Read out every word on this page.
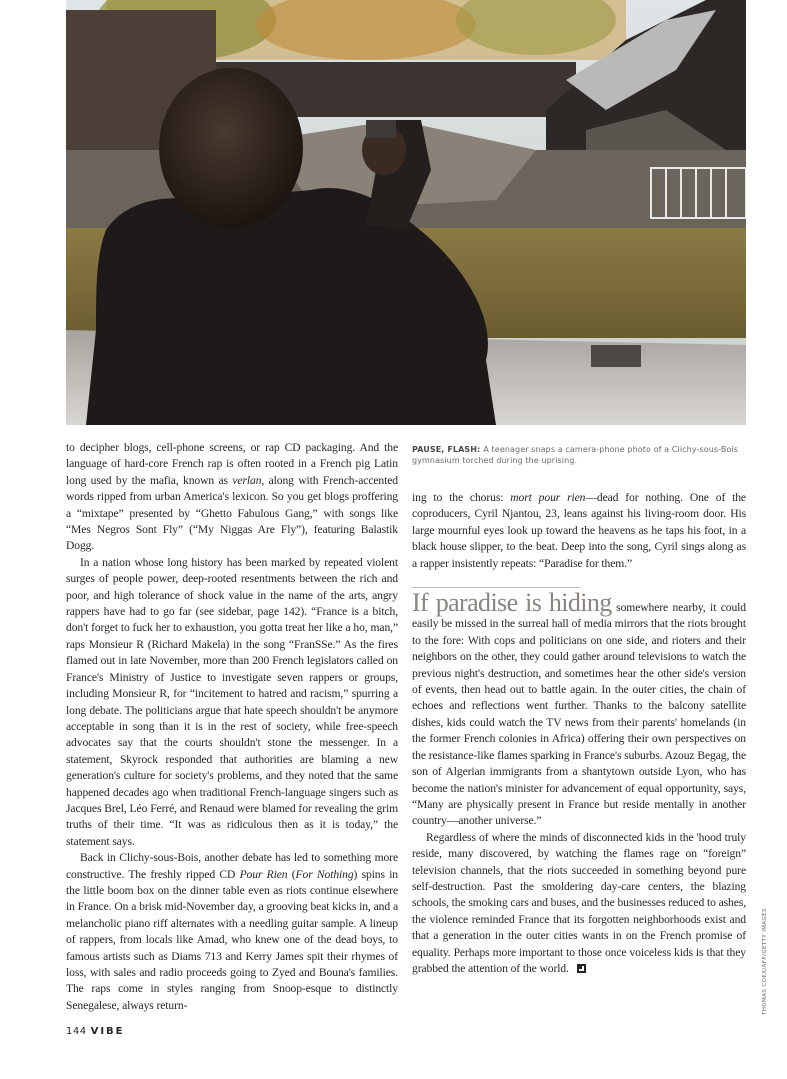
to decipher blogs, cell-phone screens, or rap CD packaging. And the language of hard-core French rap is often rooted in a French pig Latin long used by the mafia, known as verlan, along with French-accented words ripped from urban America's lexicon. So you get blogs proffering a “mixtape” presented by “Ghetto Fabulous Gang,” with songs like “Mes Negros Sont Fly” (“My Niggas Are Fly”), featuring Balastik Dogg.

In a nation whose long history has been marked by repeated violent surges of people power, deep-rooted resentments between the rich and poor, and high tolerance of shock value in the name of the arts, angry rappers have had to go far (see sidebar, page 142). “France is a bitch, don't forget to fuck her to exhaustion, you gotta treat her like a ho, man,” raps Monsieur R (Richard Makela) in the song “FranSSe.” As the fires flamed out in late November, more than 200 French legislators called on France's Ministry of Justice to investigate seven rappers or groups, including Monsieur R, for “incitement to hatred and racism,” spurring a long debate. The politicians argue that hate speech shouldn't be anymore acceptable in song than it is in the rest of society, while free-speech advocates say that the courts shouldn't stone the messenger. In a statement, Skyrock responded that authorities are blaming a new generation's culture for society's problems, and they noted that the same happened decades ago when traditional French-language singers such as Jacques Brel, Léo Ferré, and Renaud were blamed for revealing the grim truths of their time. “It was as ridiculous then as it is today,” the statement says.

Back in Clichy-sous-Bois, another debate has led to something more constructive. The freshly ripped CD Pour Rien (For Nothing) spins in the little boom box on the dinner table even as riots continue elsewhere in France. On a brisk mid-November day, a grooving beat kicks in, and a melancholic piano riff alternates with a needling guitar sample. A lineup of rappers, from locals like Amad, who knew one of the dead boys, to famous artists such as Diams 713 and Kerry James spit their rhymes of loss, with sales and radio proceeds going to Zyed and Bouna's families. The raps come in styles ranging from Snoop-esque to distinctly Senegalese, always return-

PAUSE, FLASH: A teenager snaps a camera-phone photo of a Clichy-sous-Bois gymnasium torched during the uprising.

ing to the chorus: mort pour rien—dead for nothing. One of the coproducers, Cyril Njantou, 23, leans against his living-room door. His large mournful eyes look up toward the heavens as he taps his foot, in a black house slipper, to the beat. Deep into the song, Cyril sings along as a rapper insistently repeats: “Paradise for them.”

If paradise is hiding somewhere nearby, it could easily be missed in the surreal hall of media mirrors that the riots brought to the fore: With cops and politicians on one side, and rioters and their neighbors on the other, they could gather around televisions to watch the previous night's destruction, and sometimes hear the other side's version of events, then head out to battle again. In the outer cities, the chain of echoes and reflections went further. Thanks to the balcony satellite dishes, kids could watch the TV news from their parents' homelands (in the former French colonies in Africa) offering their own perspectives on the resistance-like flames sparking in France's suburbs. Azouz Begag, the son of Algerian immigrants from a shantytown outside Lyon, who has become the nation's minister for advancement of equal opportunity, says, “Many are physically present in France but reside mentally in another country—another universe.”

Regardless of where the minds of disconnected kids in the 'hood truly reside, many discovered, by watching the flames rage on “foreign” television channels, that the riots succeeded in something beyond pure self-destruction. Past the smoldering day-care centers, the blazing schools, the smoking cars and buses, and the businesses reduced to ashes, the violence reminded France that its forgotten neighborhoods exist and that a generation in the outer cities wants in on the French promise of equality. Perhaps more important to those once voiceless kids is that they grabbed the attention of the world.

144 VIBE
THOMAS COEX/AFP/GETTY IMAGES
